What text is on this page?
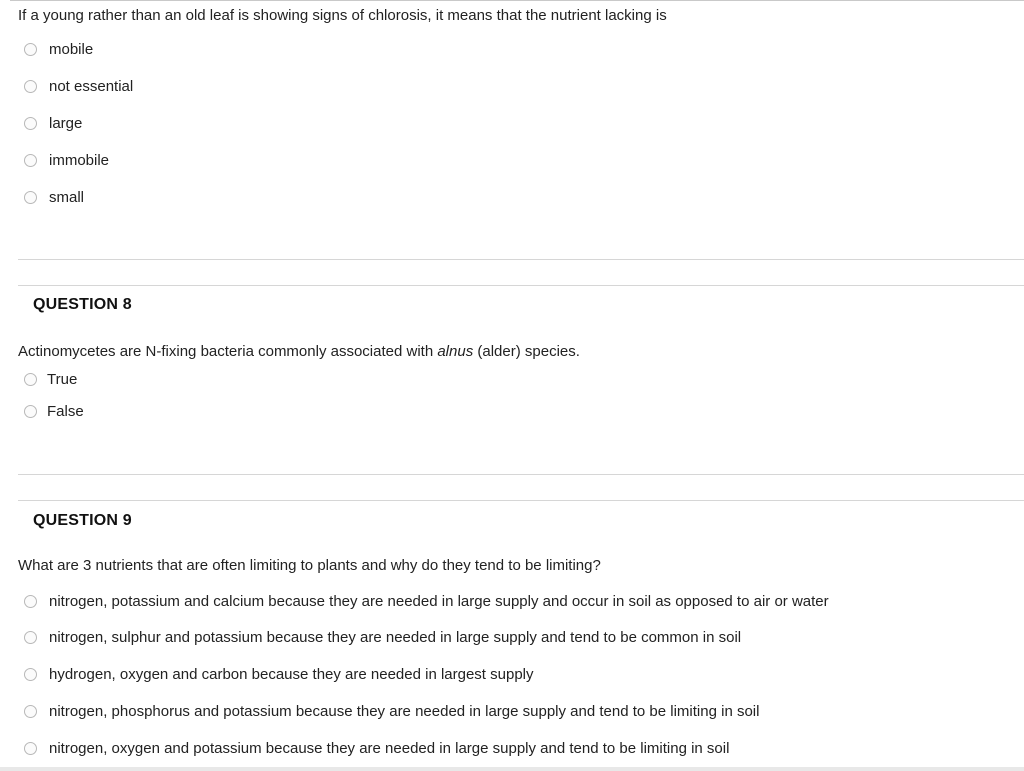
If a young rather than an old leaf is showing signs of chlorosis, it means that the nutrient lacking is
mobile
not essential
large
immobile
small
QUESTION 8
Actinomycetes are N-fixing bacteria commonly associated with alnus (alder) species.
True
False
QUESTION 9
What are 3 nutrients that are often limiting to plants and why do they tend to be limiting?
nitrogen, potassium and calcium because they are needed in large supply and occur in soil as opposed to air or water
nitrogen, sulphur and potassium because they are needed in large supply and tend to be common in soil
hydrogen, oxygen and carbon because they are needed in largest supply
nitrogen, phosphorus and potassium because they are needed in large supply and tend to be limiting in soil
nitrogen, oxygen and potassium because they are needed in large supply and tend to be limiting in soil
